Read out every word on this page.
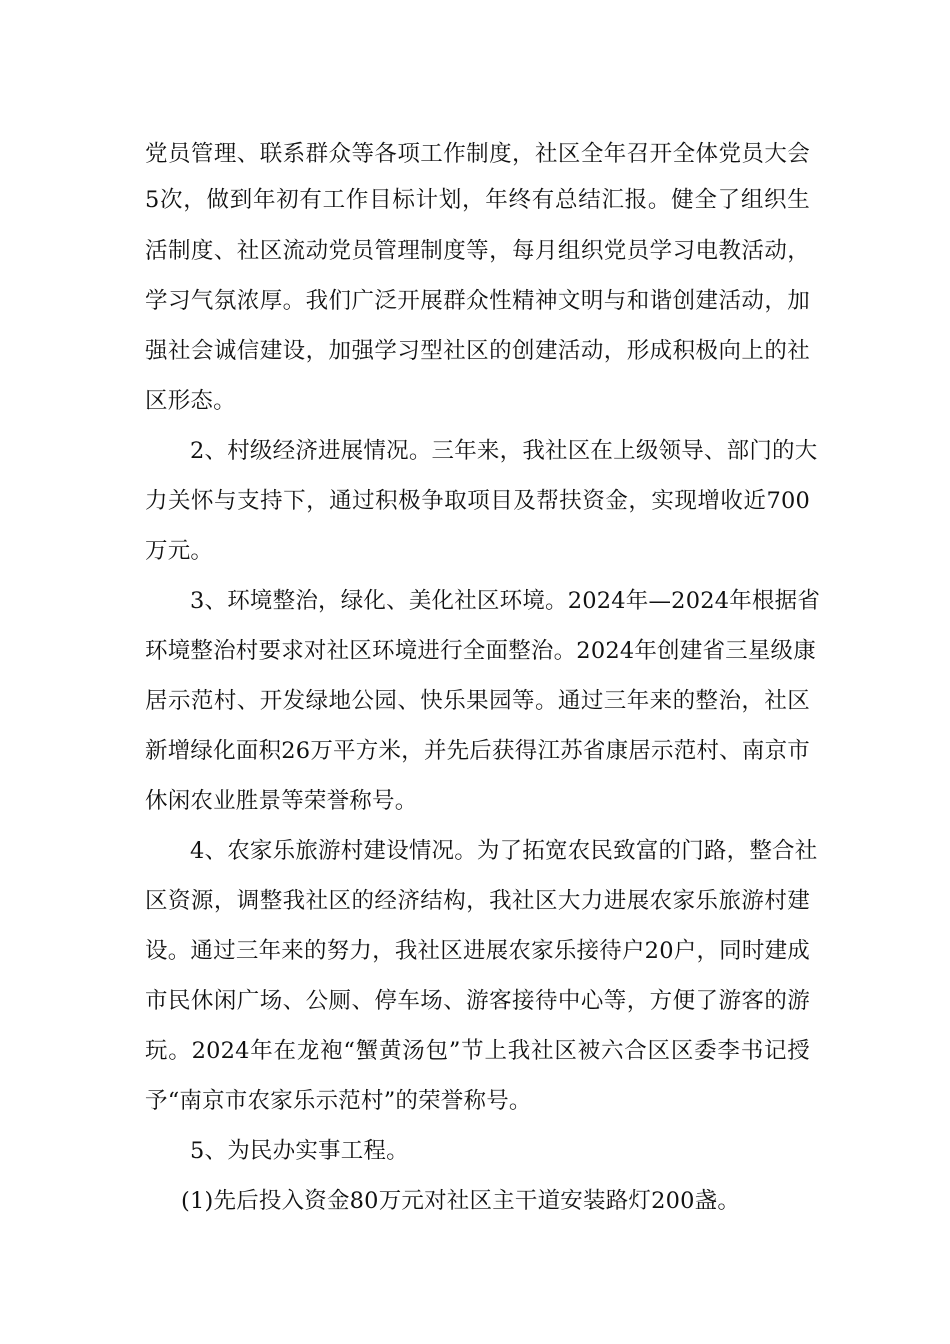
党员管理、联系群众等各项工作制度，社区全年召开全体党员大会
5次，做到年初有工作目标计划，年终有总结汇报。健全了组织生
活制度、社区流动党员管理制度等，每月组织党员学习电教活动，
学习气氛浓厚。我们广泛开展群众性精神文明与和谐创建活动，加
强社会诚信建设，加强学习型社区的创建活动，形成积极向上的社
区形态。
2、村级经济进展情况。三年来，我社区在上级领导、部门的大
力关怀与支持下，通过积极争取项目及帮扶资金，实现增收近700
万元。
3、环境整治，绿化、美化社区环境。2024年—2024年根据省
环境整治村要求对社区环境进行全面整治。2024年创建省三星级康
居示范村、开发绿地公园、快乐果园等。通过三年来的整治，社区
新增绿化面积26万平方米，并先后获得江苏省康居示范村、南京市
休闲农业胜景等荣誉称号。
4、农家乐旅游村建设情况。为了拓宽农民致富的门路，整合社
区资源，调整我社区的经济结构，我社区大力进展农家乐旅游村建
设。通过三年来的努力，我社区进展农家乐接待户20户，同时建成
市民休闲广场、公厕、停车场、游客接待中心等，方便了游客的游
玩。2024年在龙袍“蟹黄汤包”节上我社区被六合区区委李书记授
予“南京市农家乐示范村”的荣誉称号。
5、为民办实事工程。
(1)先后投入资金80万元对社区主干道安装路灯200盏。
